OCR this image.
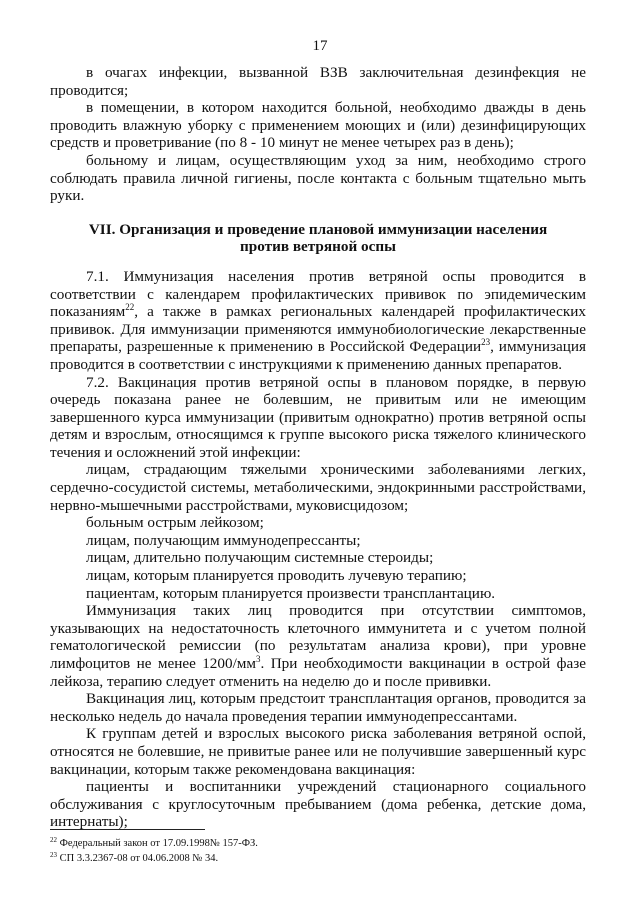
17

в очагах инфекции, вызванной ВЗВ заключительная дезинфекция не проводится;

в помещении, в котором находится больной, необходимо дважды в день проводить влажную уборку с применением моющих и (или) дезинфицирующих средств и проветривание (по 8 - 10 минут не менее четырех раз в день);

больному и лицам, осуществляющим уход за ним, необходимо строго соблюдать правила личной гигиены, после контакта с больным тщательно мыть руки.

VII. Организация и проведение плановой иммунизации населения
против ветряной оспы

7.1. Иммунизация населения против ветряной оспы проводится в соответствии с календарем профилактических прививок по эпидемическим показаниям$^{22}$, а также в рамках региональных календарей профилактических прививок. Для иммунизации применяются иммунобиологические лекарственные препараты, разрешенные к применению в Российской Федерации$^{23}$, иммунизация проводится в соответствии с инструкциями к применению данных препаратов.

7.2. Вакцинация против ветряной оспы в плановом порядке, в первую очередь показана ранее не болевшим, не привитым или не имеющим завершенного курса иммунизации (привитым однократно) против ветряной оспы детям и взрослым, относящимся к группе высокого риска тяжелого клинического течения и осложнений этой инфекции:

лицам, страдающим тяжелыми хроническими заболеваниями легких, сердечно-сосудистой системы, метаболическими, эндокринными расстройствами, нервно-мышечными расстройствами, муковисцидозом;

больным острым лейкозом;

лицам, получающим иммунодепрессанты;

лицам, длительно получающим системные стероиды;

лицам, которым планируется проводить лучевую терапию;

пациентам, которым планируется произвести трансплантацию.

Иммунизация таких лиц проводится при отсутствии симптомов, указывающих на недостаточность клеточного иммунитета и с учетом полной гематологической ремиссии (по результатам анализа крови), при уровне лимфоцитов не менее $1200/мм^3$. При необходимости вакцинации в острой фазе лейкоза, терапию следует отменить на неделю до и после прививки.

Вакцинация лиц, которым предстоит трансплантация органов, проводится за несколько недель до начала проведения терапии иммунодепрессантами.

К группам детей и взрослых высокого риска заболевания ветряной оспой, относятся не болевшие, не привитые ранее или не получившие завершенный курс вакцинации, которым также рекомендована вакцинация:

пациенты и воспитанники учреждений стационарного социального обслуживания с круглосуточным пребыванием (дома ребенка, детские дома, интернаты);

$^{22}$ Федеральный закон от 17.09.1998№ 157-ФЗ.
$^{23}$ СП 3.3.2367-08 от 04.06.2008 № 34.
